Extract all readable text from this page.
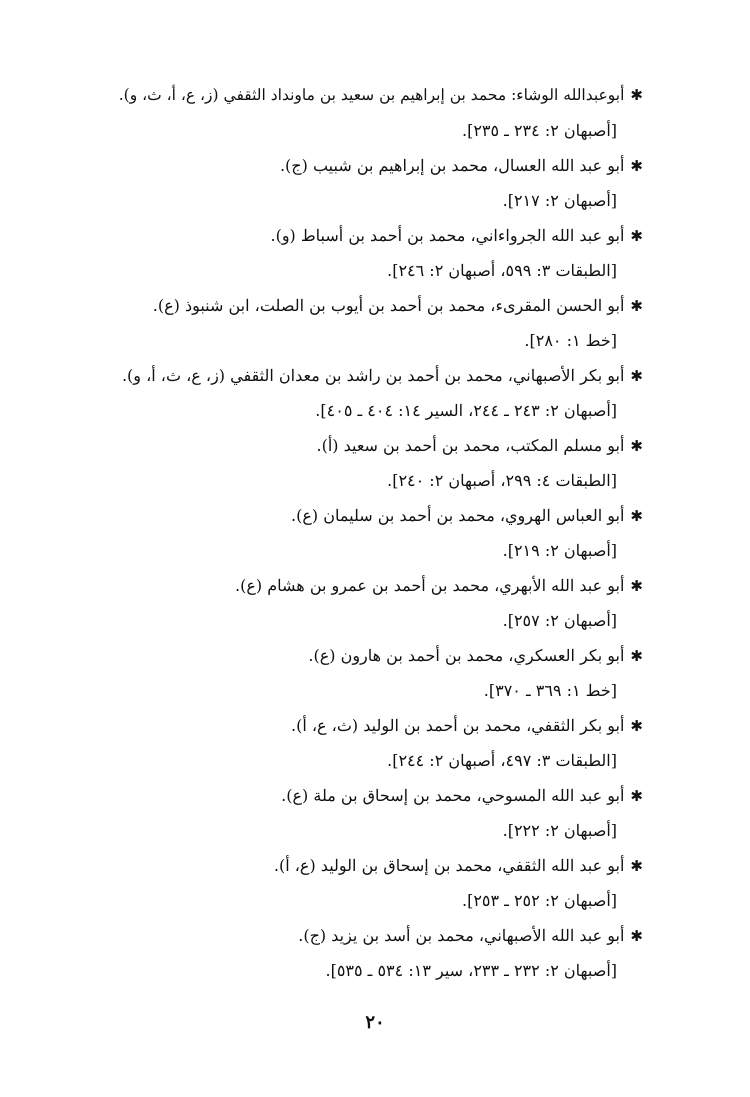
✱أبوعبدالله الوشاء: محمد بن إبراهيم بن سعيد بن ماونداد الثقفي (ز، ع، أ، ث، و).
[أصبهان ٢: ٢٣٤ ـ ٢٣٥].
✱أبو عبد الله العسال، محمد بن إبراهيم بن شبيب (ج).
[أصبهان ٢: ٢١٧].
✱أبو عبد الله الجرواءاني، محمد بن أحمد بن أسباط (و).
[الطبقات ٣: ٥٩٩، أصبهان ٢: ٢٤٦].
✱أبو الحسن المقرىء، محمد بن أحمد بن أيوب بن الصلت، ابن شنبوذ (ع).
[خط ١: ٢٨٠].
✱أبو بكر الأصبهاني، محمد بن أحمد بن راشد بن معدان الثقفي (ز، ع، ث، أ، و).
[أصبهان ٢: ٢٤٣ ـ ٢٤٤، السير ١٤: ٤٠٤ ـ ٤٠٥].
✱أبو مسلم المكتب، محمد بن أحمد بن سعيد (أ).
[الطبقات ٤: ٢٩٩، أصبهان ٢: ٢٤٠].
✱أبو العباس الهروي، محمد بن أحمد بن سليمان (ع).
[أصبهان ٢: ٢١٩].
✱أبو عبد الله الأبهري، محمد بن أحمد بن عمرو بن هشام (ع).
[أصبهان ٢: ٢٥٧].
✱أبو بكر العسكري، محمد بن أحمد بن هارون (ع).
[خط ١: ٣٦٩ ـ ٣٧٠].
✱أبو بكر الثقفي، محمد بن أحمد بن الوليد (ث، ع، أ).
[الطبقات ٣: ٤٩٧، أصبهان ٢: ٢٤٤].
✱أبو عبد الله المسوحي، محمد بن إسحاق بن ملة (ع).
[أصبهان ٢: ٢٢٢].
✱أبو عبد الله الثقفي، محمد بن إسحاق بن الوليد (ع، أ).
[أصبهان ٢: ٢٥٢ ـ ٢٥٣].
✱أبو عبد الله الأصبهاني، محمد بن أسد بن يزيد (ج).
[أصبهان ٢: ٢٣٢ ـ ٢٣٣، سير ١٣: ٥٣٤ ـ ٥٣٥].
٢٠
